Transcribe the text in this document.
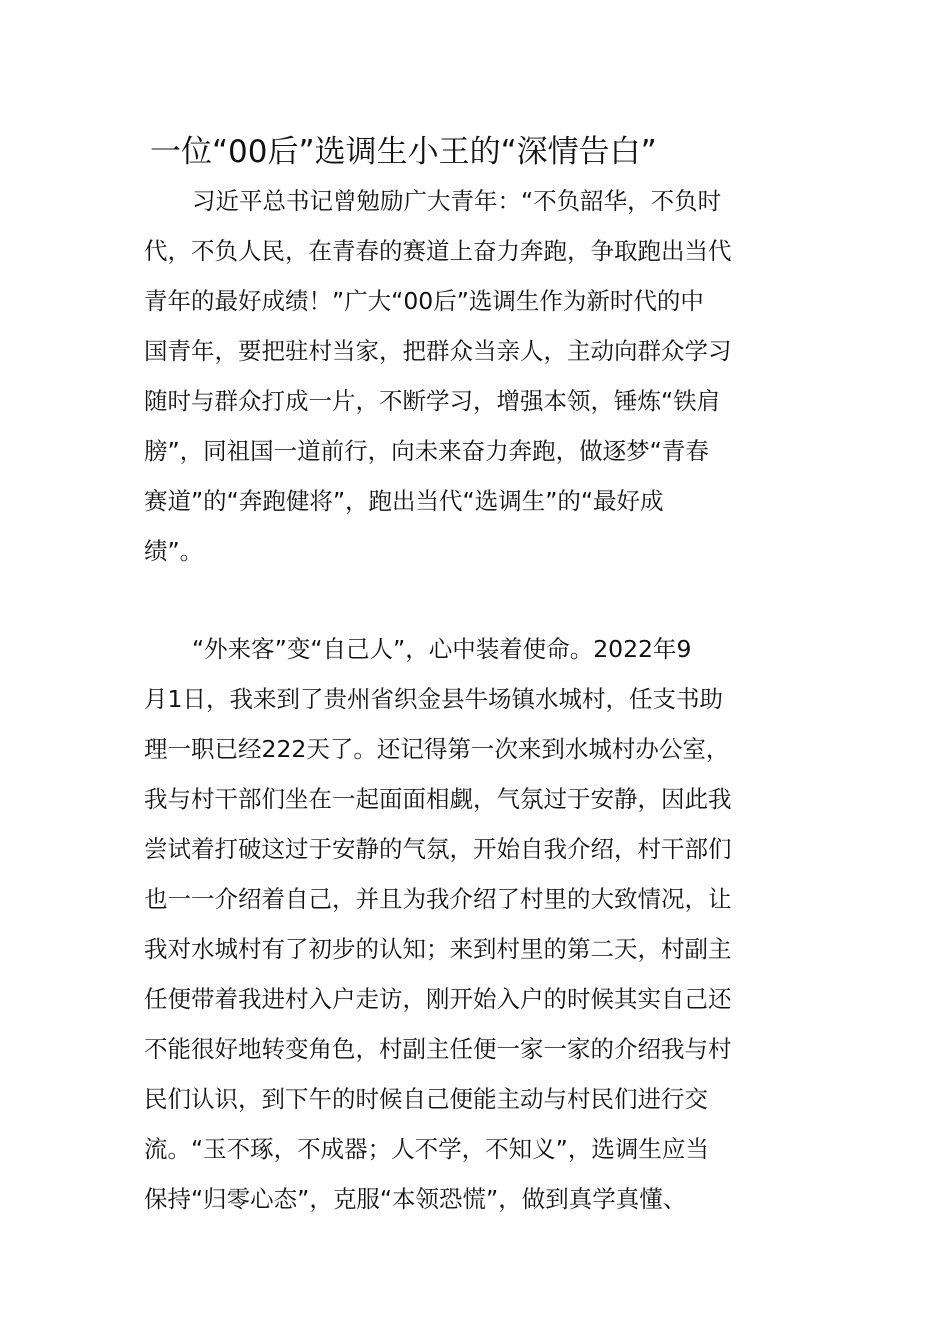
一位“00后”选调生小王的“深情告白”
习近平总书记曾勉励广大青年：“不负韶华，不负时
代，不负人民，在青春的赛道上奋力奔跑，争取跑出当代
青年的最好成绩！”广大“00后”选调生作为新时代的中
国青年，要把驻村当家，把群众当亲人，主动向群众学习
随时与群众打成一片，不断学习，增强本领，锤炼“铁肩
膀”，同祖国一道前行，向未来奋力奔跑，做逐梦“青春
赛道”的“奔跑健将”，跑出当代“选调生”的“最好成
绩”。
“外来客”变“自己人”，心中装着使命。2022年9
月1日，我来到了贵州省织金县牛场镇水城村，任支书助
理一职已经222天了。还记得第一次来到水城村办公室，
我与村干部们坐在一起面面相觑，气氛过于安静，因此我
尝试着打破这过于安静的气氛，开始自我介绍，村干部们
也一一介绍着自己，并且为我介绍了村里的大致情况，让
我对水城村有了初步的认知；来到村里的第二天，村副主
任便带着我进村入户走访，刚开始入户的时候其实自己还
不能很好地转变角色，村副主任便一家一家的介绍我与村
民们认识，到下午的时候自己便能主动与村民们进行交
流。“玉不琢，不成器；人不学，不知义”，选调生应当
保持“归零心态”，克服“本领恐慌”，做到真学真懂、
